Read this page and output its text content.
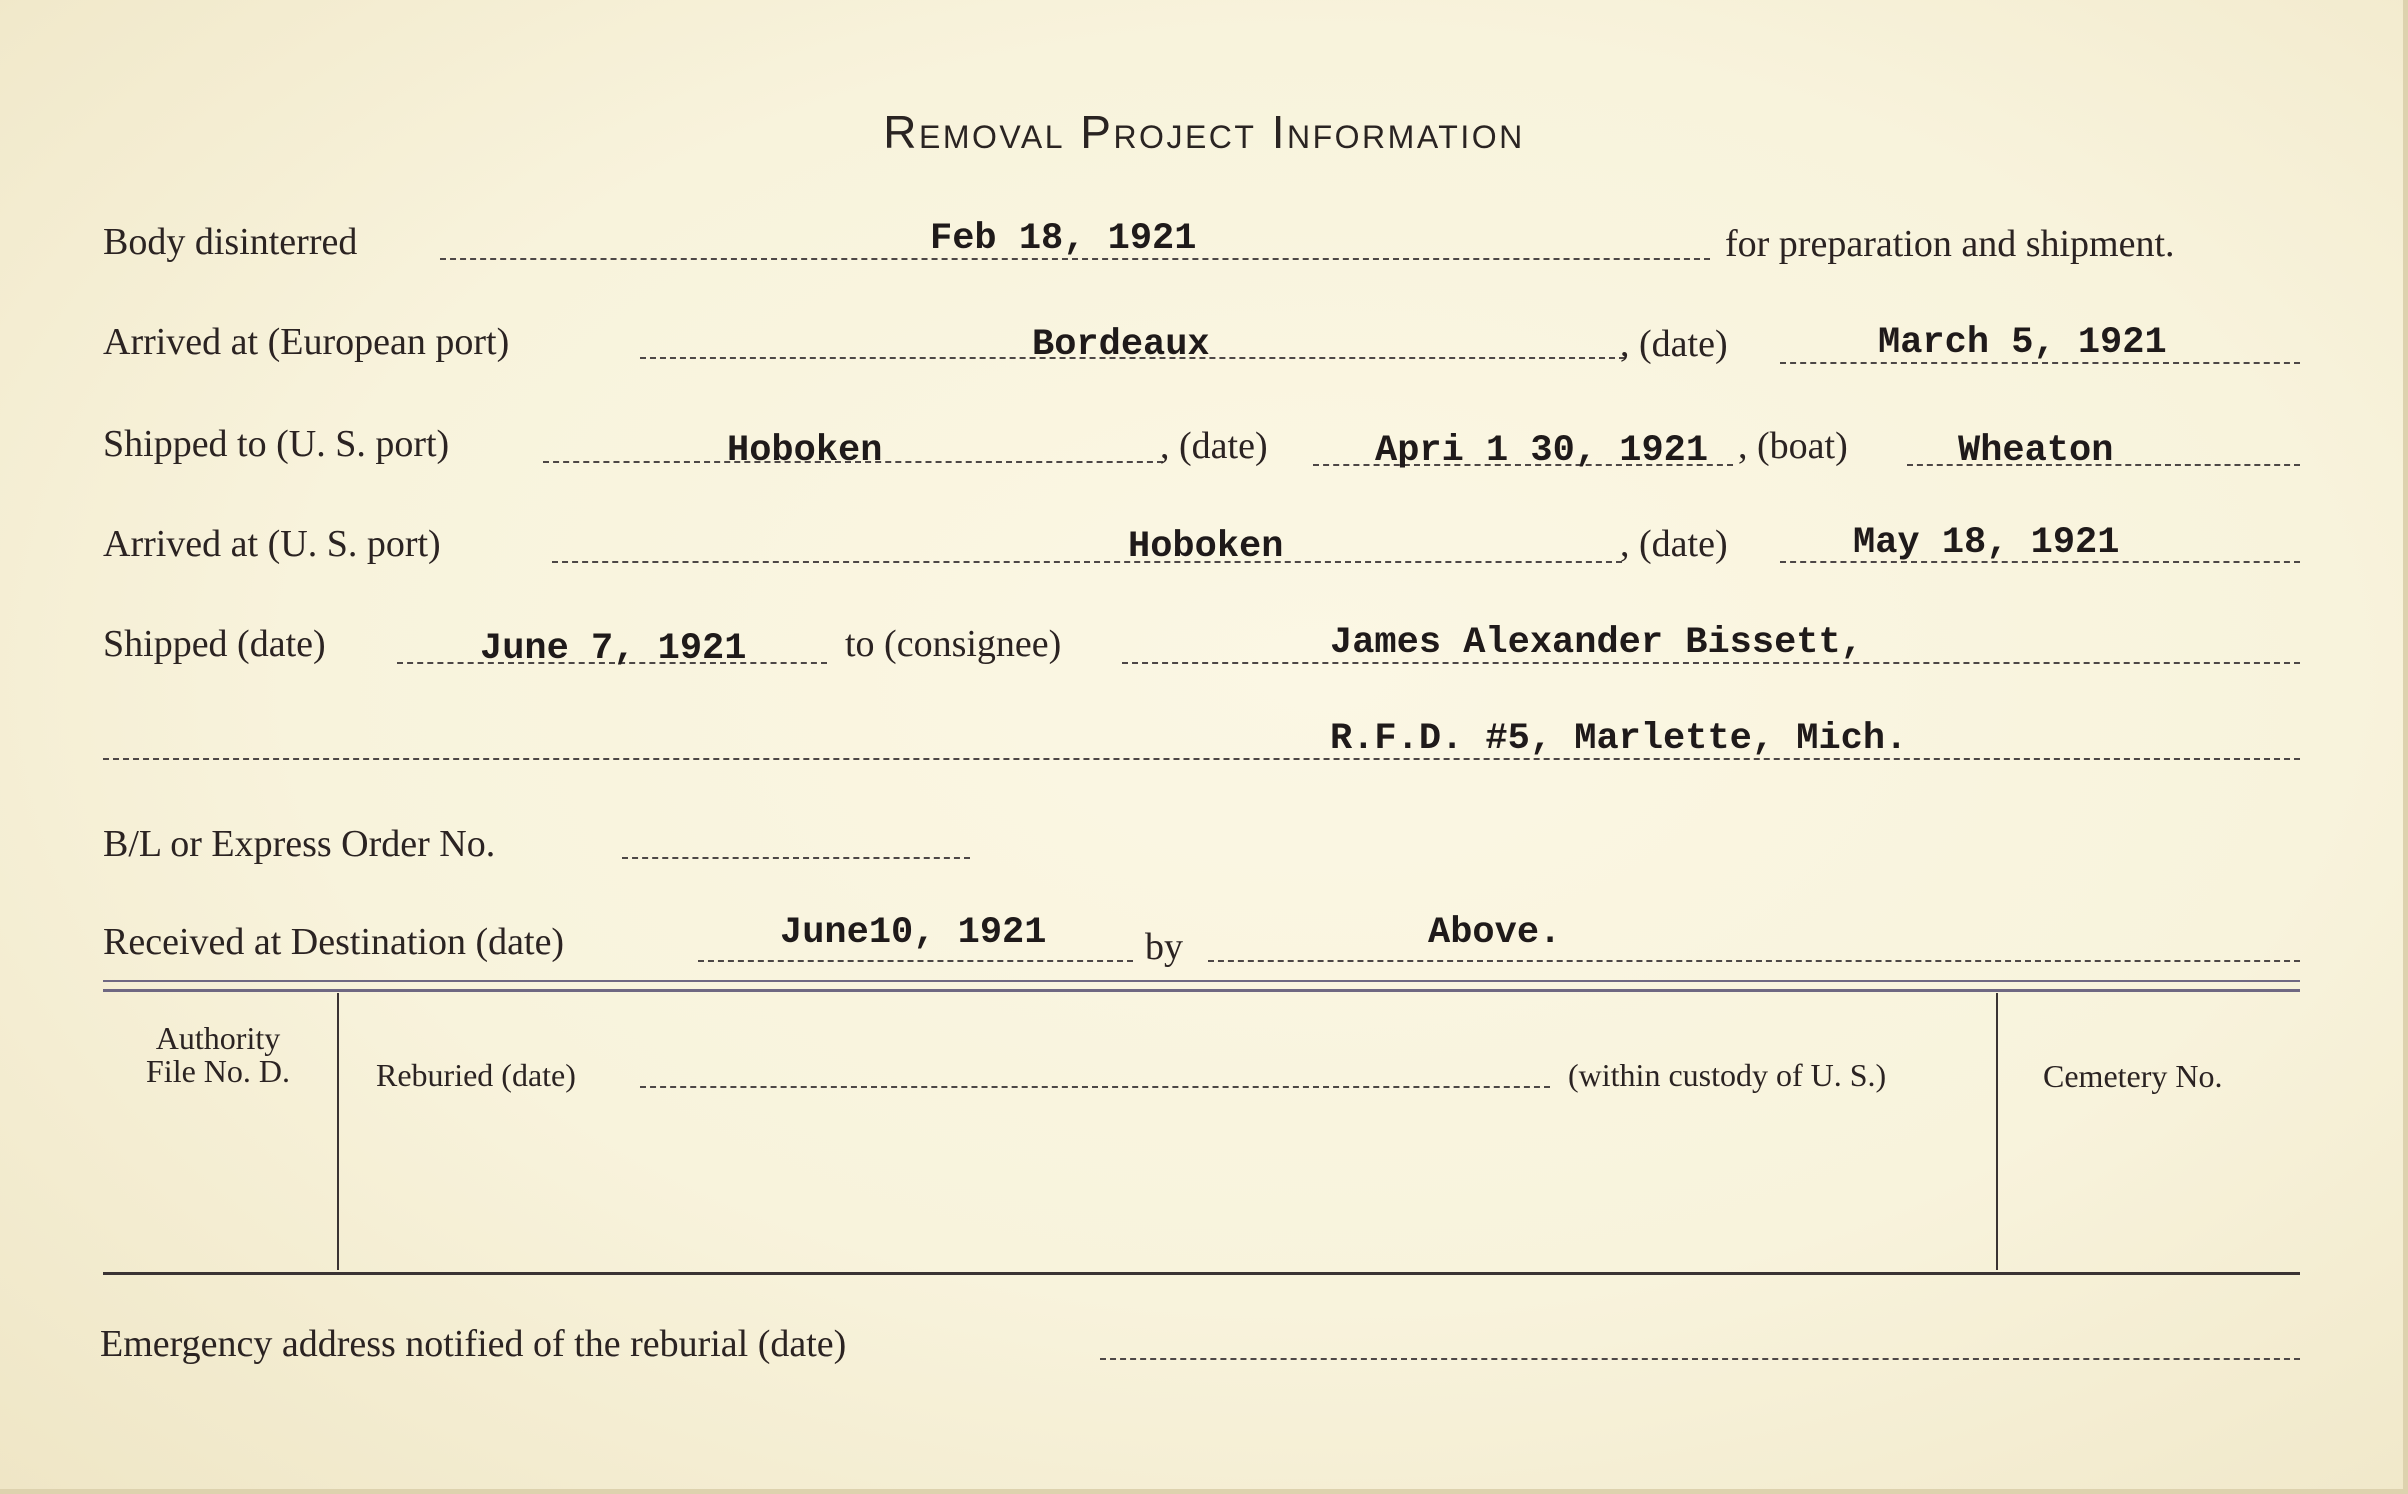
Removal Project Information
Body disinterred	Feb 18, 1921	for preparation and shipment.
Arrived at (European port)	Bordeaux	, (date)	March 5, 1921
Shipped to (U. S. port)	Hoboken	, (date)	Apri 1 30, 1921 , (boat)	Wheaton
Arrived at (U. S. port)	Hoboken	, (date)	May 18, 1921
Shipped (date)	June 7, 1921	to (consignee)	James Alexander Bissett,
R.F.D. #5, Marlette, Mich.
B/L or Express Order No.
Received at Destination (date)	June10, 1921	by	Above.
Authority
File No. D.	Reburied (date)	(within custody of U. S.)	Cemetery No.
Emergency address notified of the reburial (date)
